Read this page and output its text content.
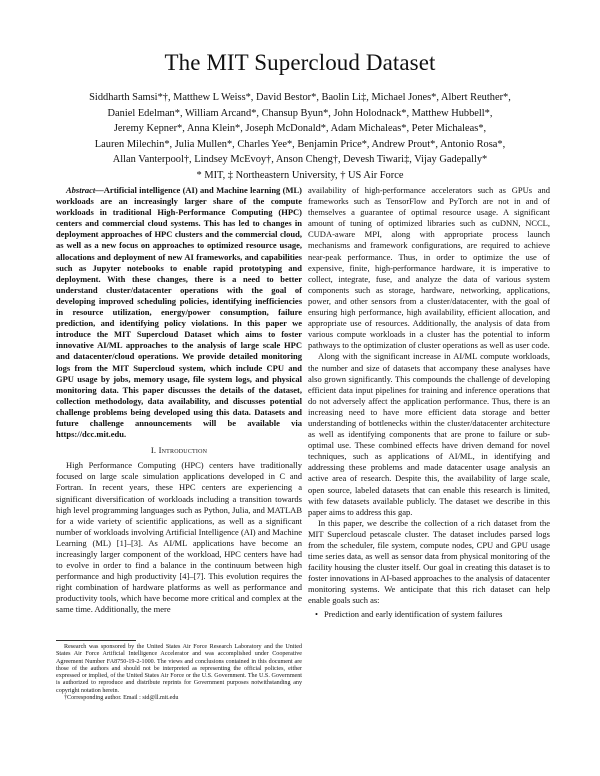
The MIT Supercloud Dataset
Siddharth Samsi*†, Matthew L Weiss*, David Bestor*, Baolin Li‡, Michael Jones*, Albert Reuther*,
Daniel Edelman*, William Arcand*, Chansup Byun*, John Holodnack*, Matthew Hubbell*,
Jeremy Kepner*, Anna Klein*, Joseph McDonald*, Adam Michaleas*, Peter Michaleas*,
Lauren Milechin*, Julia Mullen*, Charles Yee*, Benjamin Price*, Andrew Prout*, Antonio Rosa*,
Allan Vanterpool†, Lindsey McEvoy†, Anson Cheng†, Devesh Tiwari‡, Vijay Gadepally*
* MIT, ‡ Northeastern University, † US Air Force

Abstract—Artificial intelligence (AI) and Machine learning (ML) workloads are an increasingly larger share of the compute workloads in traditional High-Performance Computing (HPC) centers and commercial cloud systems. This has led to changes in deployment approaches of HPC clusters and the commercial cloud, as well as a new focus on approaches to optimized resource usage, allocations and deployment of new AI frameworks, and capabilities such as Jupyter notebooks to enable rapid prototyping and deployment. With these changes, there is a need to better understand cluster/datacenter operations with the goal of developing improved scheduling policies, identifying inefficiencies in resource utilization, energy/power consumption, failure prediction, and identifying policy violations. In this paper we introduce the MIT Supercloud Dataset which aims to foster innovative AI/ML approaches to the analysis of large scale HPC and datacenter/cloud operations. We provide detailed monitoring logs from the MIT Supercloud system, which include CPU and GPU usage by jobs, memory usage, file system logs, and physical monitoring data. This paper discusses the details of the dataset, collection methodology, data availability, and discusses potential challenge problems being developed using this data. Datasets and future challenge announcements will be available via https://dcc.mit.edu.

I. Introduction

High Performance Computing (HPC) centers have traditionally focused on large scale simulation applications developed in C and Fortran. In recent years, these HPC centers are experiencing a significant diversification of workloads including a transition towards high level programming languages such as Python, Julia, and MATLAB for a wide variety of scientific applications, as well as a significant number of workloads involving Artificial Intelligence (AI) and Machine Learning (ML) [1]–[3]. As AI/ML applications have become an increasingly larger component of the workload, HPC centers have had to evolve in order to find a balance in the continuum between high performance and high productivity [4]–[7]. This evolution requires the right combination of hardware platforms as well as performance and productivity tools, which have become more critical and complex at the same time. Additionally, the mere

Research was sponsored by the United States Air Force Research Laboratory and the United States Air Force Artificial Intelligence Accelerator and was accomplished under Cooperative Agreement Number FA8750-19-2-1000. The views and conclusions contained in this document are those of the authors and should not be interpreted as representing the official policies, either expressed or implied, of the United States Air Force or the U.S. Government. The U.S. Government is authorized to reproduce and distribute reprints for Government purposes notwithstanding any copyright notation herein.

†Corresponding author. Email : sid@ll.mit.edu

availability of high-performance accelerators such as GPUs and frameworks such as TensorFlow and PyTorch are not in and of themselves a guarantee of optimal resource usage. A significant amount of tuning of optimized libraries such as cuDNN, NCCL, CUDA-aware MPI, along with appropriate process launch mechanisms and framework configurations, are required to achieve near-peak performance. Thus, in order to optimize the use of expensive, finite, high-performance hardware, it is imperative to collect, integrate, fuse, and analyze the data of various system components such as storage, hardware, networking, applications, power, and other sensors from a cluster/datacenter, with the goal of ensuring high performance, high availability, efficient allocation, and appropriate use of resources. Additionally, the analysis of data from various compute workloads in a cluster has the potential to inform pathways to the optimization of cluster operations as well as user code.

Along with the significant increase in AI/ML compute workloads, the number and size of datasets that accompany these analyses have also grown significantly. This compounds the challenge of developing efficient data input pipelines for training and inference operations that do not adversely affect the application performance. Thus, there is an increasing need to have more efficient data storage and better understanding of bottlenecks within the cluster/datacenter architecture as well as identifying components that are prone to failure or sub-optimal use. These combined effects have driven demand for novel techniques, such as applications of AI/ML, in identifying and addressing these problems and made datacenter usage analysis an active area of research. Despite this, the availability of large scale, open source, labeled datasets that can enable this research is limited, with few datasets available publicly. The dataset we describe in this paper aims to address this gap.

In this paper, we describe the collection of a rich dataset from the MIT Supercloud petascale cluster. The dataset includes parsed logs from the scheduler, file system, compute nodes, CPU and GPU usage time series data, as well as sensor data from physical monitoring of the facility housing the cluster itself. Our goal in creating this dataset is to foster innovations in AI-based approaches to the analysis of datacenter monitoring systems. We anticipate that this rich dataset can help enable goals such as:

• Prediction and early identification of system failures
